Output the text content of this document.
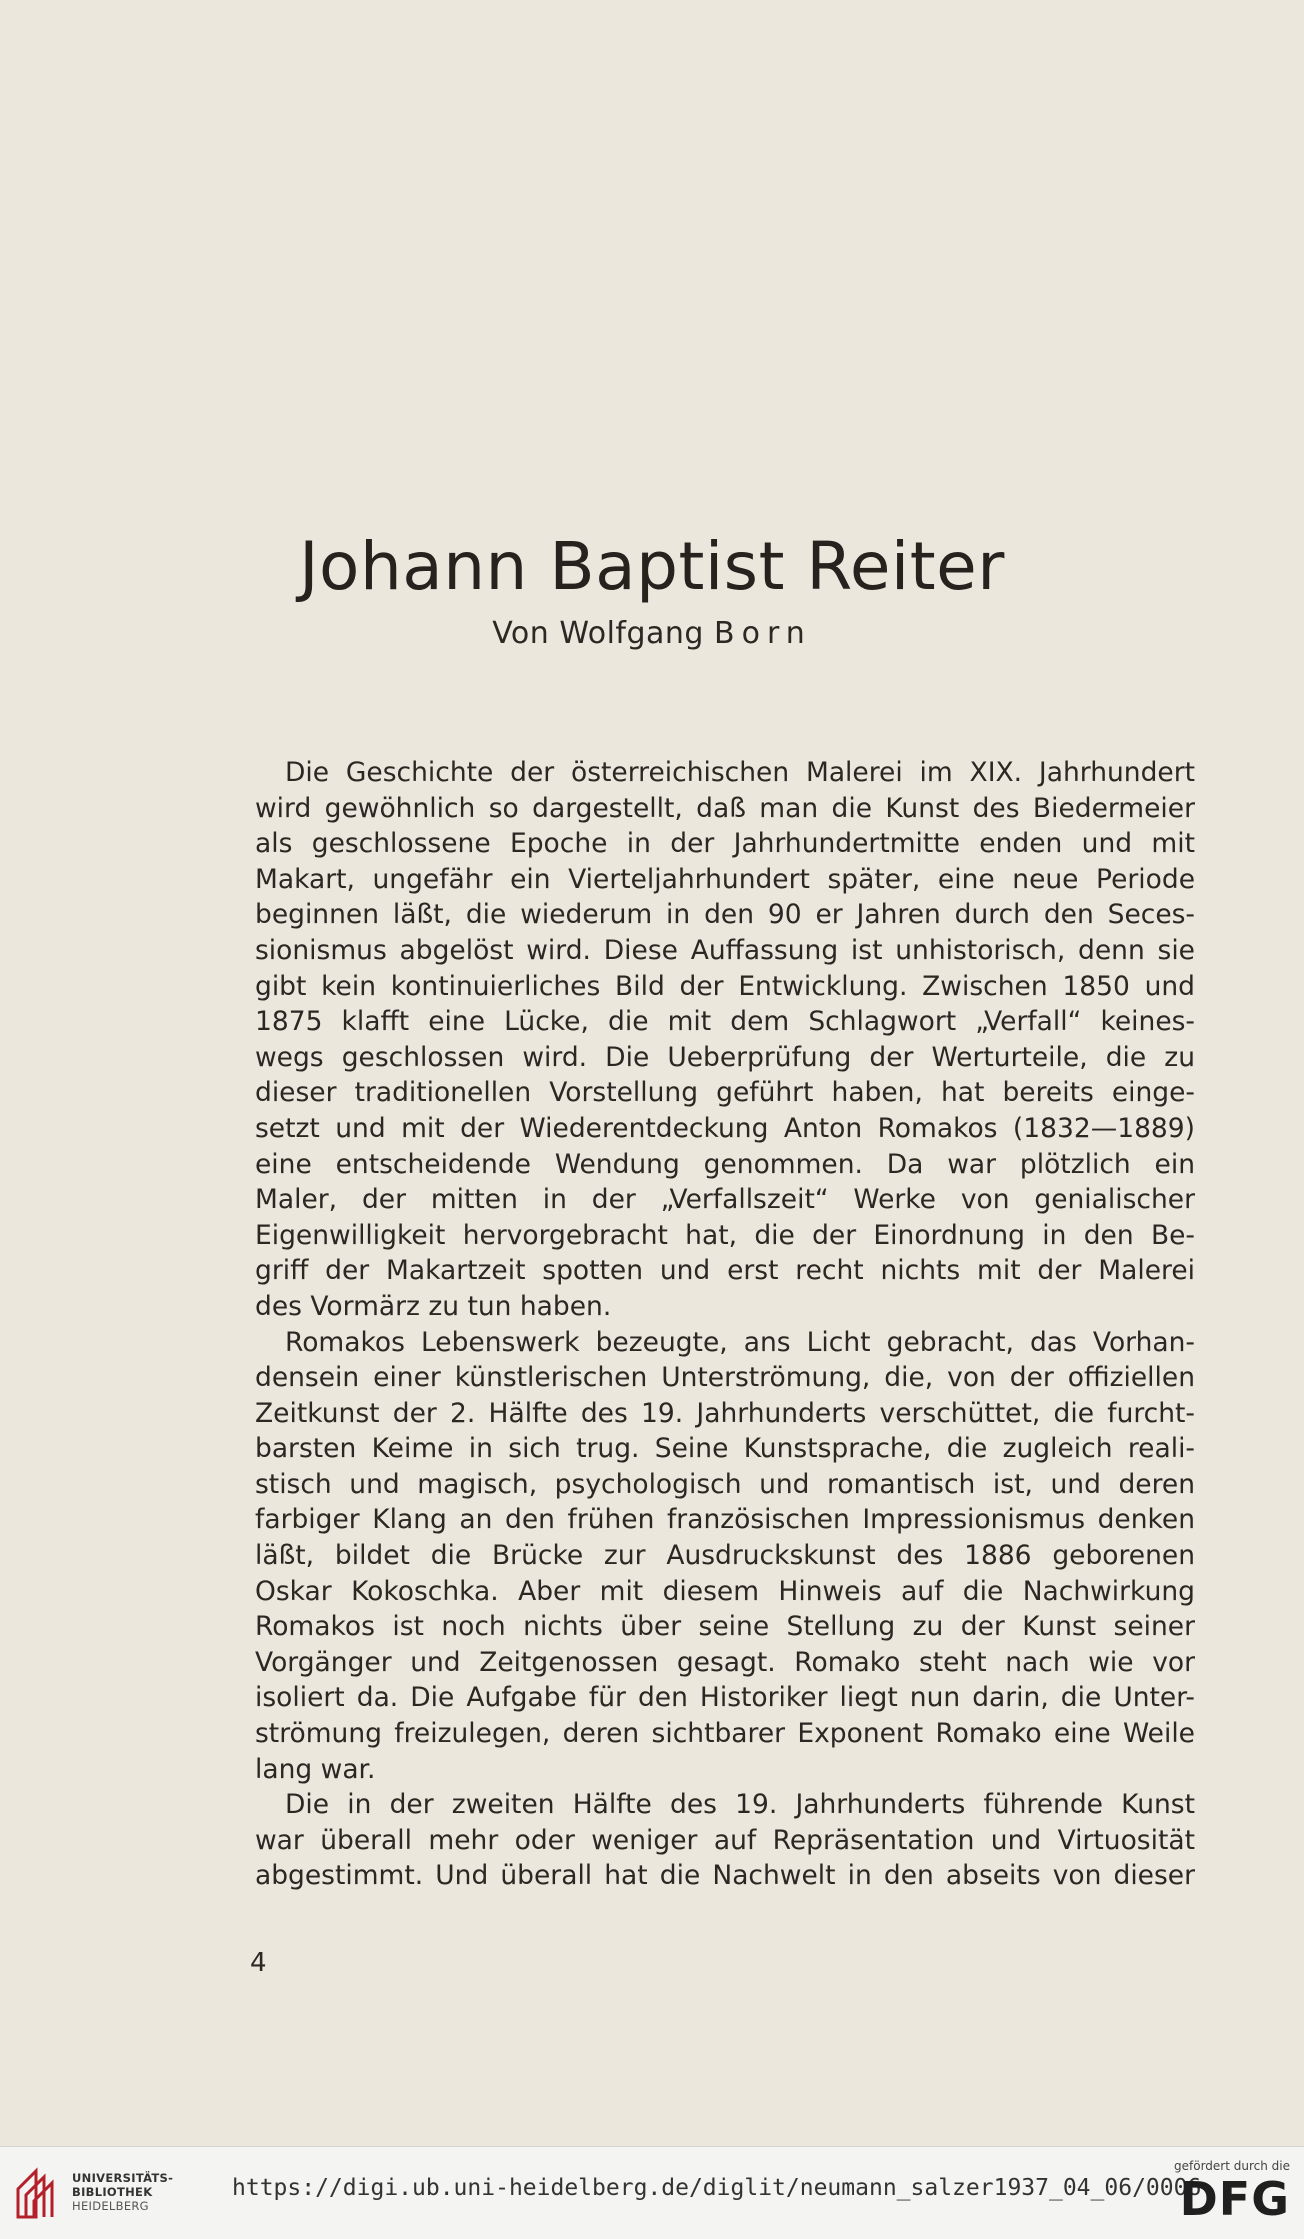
Johann Baptist Reiter
Von Wolfgang Born
Die Geschichte der österreichischen Malerei im XIX. Jahrhundert
wird gewöhnlich so dargestellt, daß man die Kunst des Biedermeier
als geschlossene Epoche in der Jahrhundertmitte enden und mit
Makart, ungefähr ein Vierteljahrhundert später, eine neue Periode
beginnen läßt, die wiederum in den 90 er Jahren durch den Seces-
sionismus abgelöst wird. Diese Auffassung ist unhistorisch, denn sie
gibt kein kontinuierliches Bild der Entwicklung. Zwischen 1850 und
1875 klafft eine Lücke, die mit dem Schlagwort „Verfall“ keines-
wegs geschlossen wird. Die Ueberprüfung der Werturteile, die zu
dieser traditionellen Vorstellung geführt haben, hat bereits einge-
setzt und mit der Wiederentdeckung Anton Romakos (1832—1889)
eine entscheidende Wendung genommen. Da war plötzlich ein
Maler, der mitten in der „Verfallszeit“ Werke von genialischer
Eigenwilligkeit hervorgebracht hat, die der Einordnung in den Be-
griff der Makartzeit spotten und erst recht nichts mit der Malerei
des Vormärz zu tun haben.
Romakos Lebenswerk bezeugte, ans Licht gebracht, das Vorhan-
densein einer künstlerischen Unterströmung, die, von der offiziellen
Zeitkunst der 2. Hälfte des 19. Jahrhunderts verschüttet, die furcht-
barsten Keime in sich trug. Seine Kunstsprache, die zugleich reali-
stisch und magisch, psychologisch und romantisch ist, und deren
farbiger Klang an den frühen französischen Impressionismus denken
läßt, bildet die Brücke zur Ausdruckskunst des 1886 geborenen
Oskar Kokoschka. Aber mit diesem Hinweis auf die Nachwirkung
Romakos ist noch nichts über seine Stellung zu der Kunst seiner
Vorgänger und Zeitgenossen gesagt. Romako steht nach wie vor
isoliert da. Die Aufgabe für den Historiker liegt nun darin, die Unter-
strömung freizulegen, deren sichtbarer Exponent Romako eine Weile
lang war.
Die in der zweiten Hälfte des 19. Jahrhunderts führende Kunst
war überall mehr oder weniger auf Repräsentation und Virtuosität
abgestimmt. Und überall hat die Nachwelt in den abseits von dieser
4
UNIVERSITÄTS-
BIBLIOTHEK
HEIDELBERG
https://digi.ub.uni-heidelberg.de/diglit/neumann_salzer1937_04_06/0006
gefördert durch die
DFG
